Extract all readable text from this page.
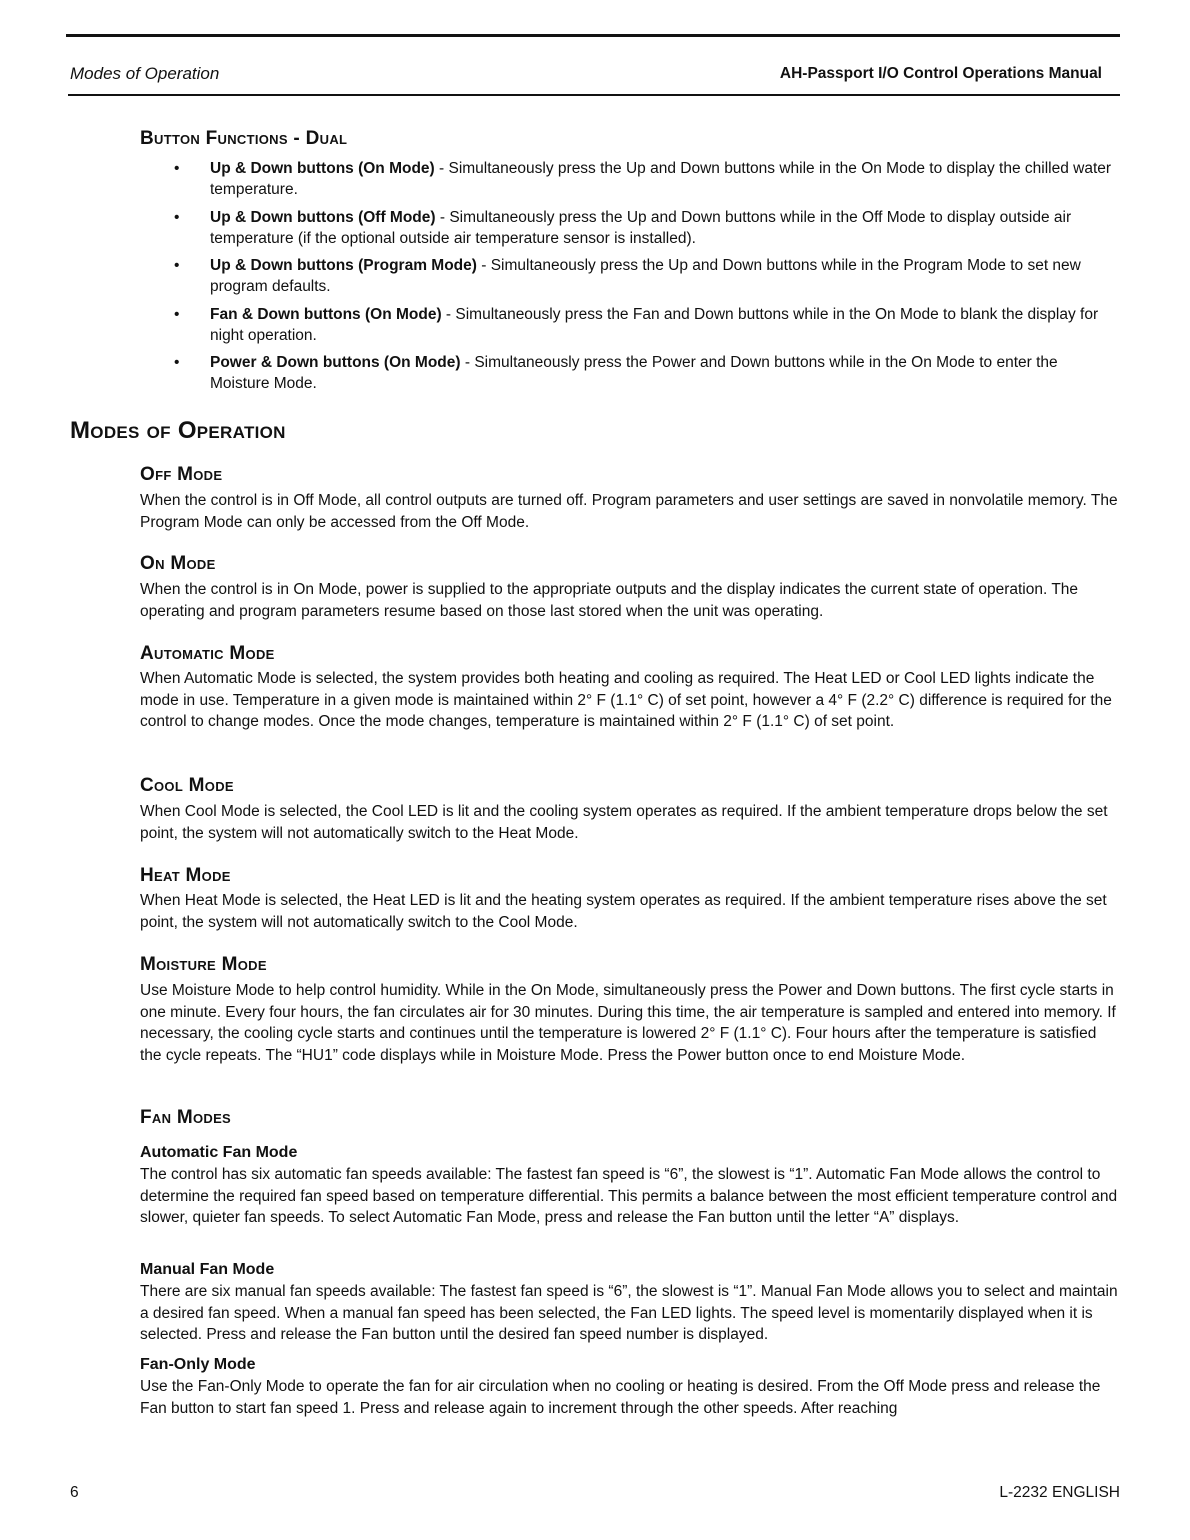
Modes of Operation	AH-Passport I/O Control Operations Manual
Button Functions - Dual
• Up & Down buttons (On Mode) - Simultaneously press the Up and Down buttons while in the On Mode to display the chilled water temperature.
• Up & Down buttons (Off Mode) - Simultaneously press the Up and Down buttons while in the Off Mode to display outside air temperature (if the optional outside air temperature sensor is installed).
• Up & Down buttons (Program Mode) - Simultaneously press the Up and Down buttons while in the Program Mode to set new program defaults.
• Fan & Down buttons (On Mode) - Simultaneously press the Fan and Down buttons while in the On Mode to blank the display for night operation.
• Power & Down buttons (On Mode) - Simultaneously press the Power and Down buttons while in the On Mode to enter the Moisture Mode.
Modes of Operation
Off Mode
When the control is in Off Mode, all control outputs are turned off. Program parameters and user settings are saved in nonvolatile memory. The Program Mode can only be accessed from the Off Mode.
On Mode
When the control is in On Mode, power is supplied to the appropriate outputs and the display indicates the current state of operation. The operating and program parameters resume based on those last stored when the unit was operating.
Automatic Mode
When Automatic Mode is selected, the system provides both heating and cooling as required. The Heat LED or Cool LED lights indicate the mode in use. Temperature in a given mode is maintained within 2° F (1.1° C) of set point, however a 4° F (2.2° C) difference is required for the control to change modes. Once the mode changes, temperature is maintained within 2° F (1.1° C) of set point.
Cool Mode
When Cool Mode is selected, the Cool LED is lit and the cooling system operates as required. If the ambient temperature drops below the set point, the system will not automatically switch to the Heat Mode.
Heat Mode
When Heat Mode is selected, the Heat LED is lit and the heating system operates as required. If the ambient temperature rises above the set point, the system will not automatically switch to the Cool Mode.
Moisture Mode
Use Moisture Mode to help control humidity. While in the On Mode, simultaneously press the Power and Down buttons. The first cycle starts in one minute. Every four hours, the fan circulates air for 30 minutes. During this time, the air temperature is sampled and entered into memory. If necessary, the cooling cycle starts and continues until the temperature is lowered 2° F (1.1° C). Four hours after the temperature is satisfied the cycle repeats. The “HU1” code displays while in Moisture Mode. Press the Power button once to end Moisture Mode.
Fan Modes
Automatic Fan Mode
The control has six automatic fan speeds available: The fastest fan speed is “6”, the slowest is “1”. Automatic Fan Mode allows the control to determine the required fan speed based on temperature differential. This permits a balance between the most efficient temperature control and slower, quieter fan speeds. To select Automatic Fan Mode, press and release the Fan button until the letter “A” displays.
Manual Fan Mode
There are six manual fan speeds available: The fastest fan speed is “6”, the slowest is “1”. Manual Fan Mode allows you to select and maintain a desired fan speed. When a manual fan speed has been selected, the Fan LED lights. The speed level is momentarily displayed when it is selected. Press and release the Fan button until the desired fan speed number is displayed.
Fan-Only Mode
Use the Fan-Only Mode to operate the fan for air circulation when no cooling or heating is desired. From the Off Mode press and release the Fan button to start fan speed 1. Press and release again to increment through the other speeds. After reaching
6	L-2232 ENGLISH
